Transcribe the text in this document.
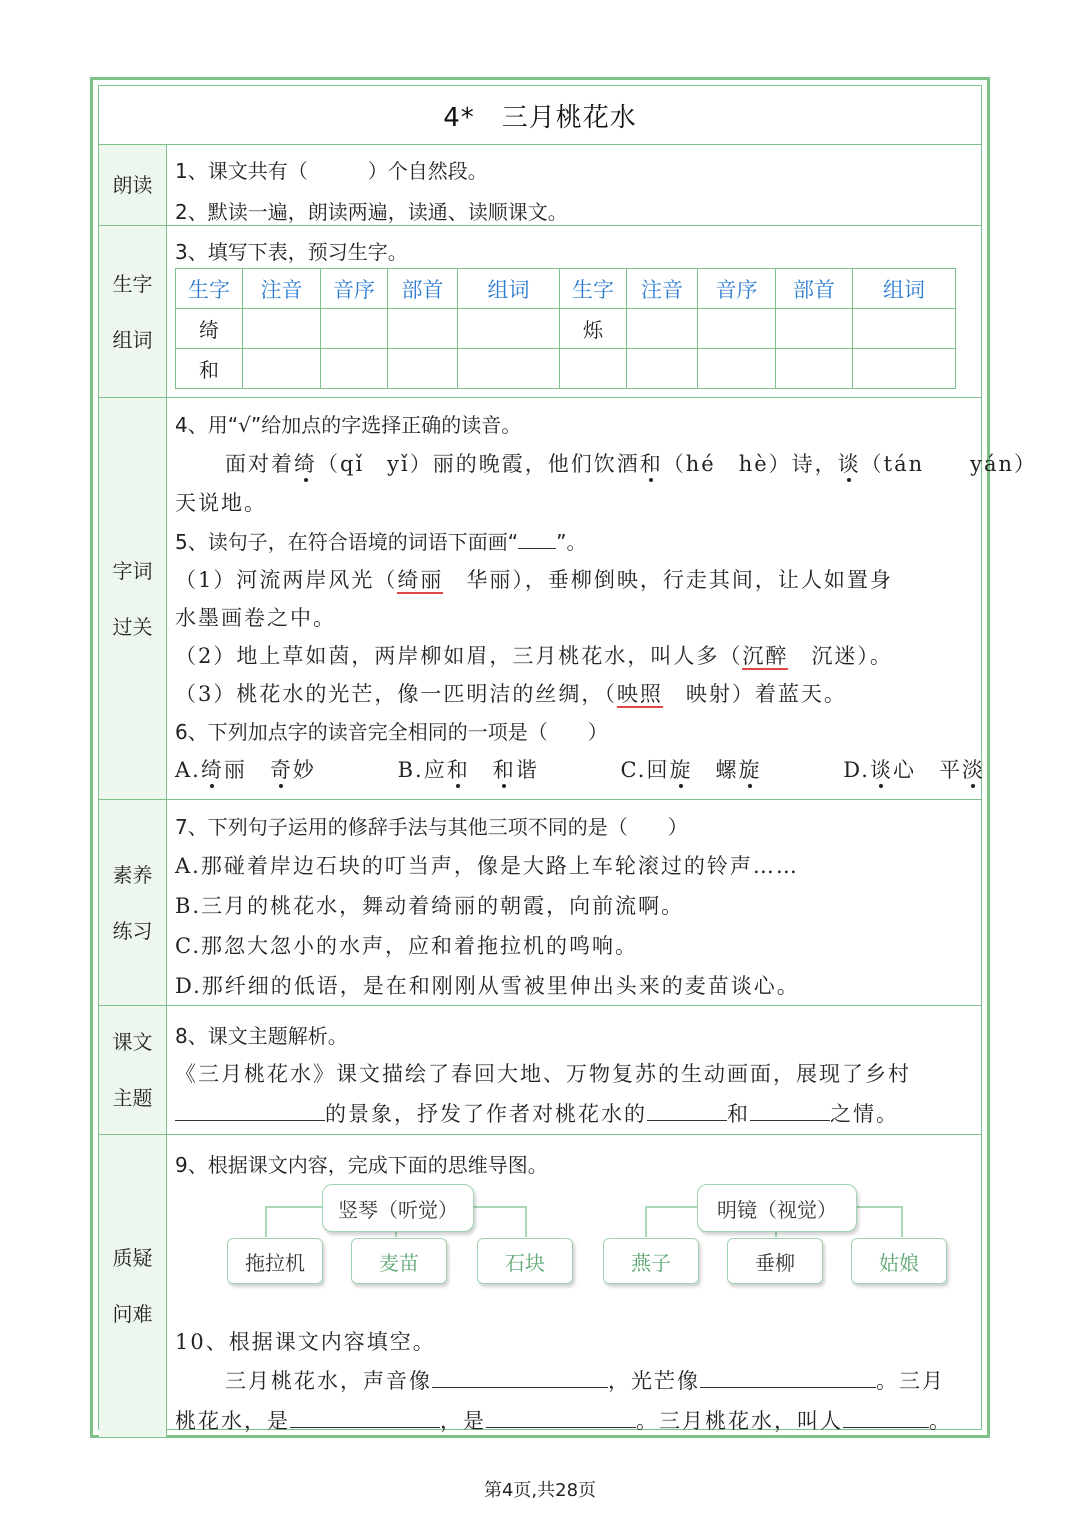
4*　三月桃花水
朗读
1、课文共有（　　　）个自然段。
2、默读一遍，朗读两遍，读通、读顺课文。
生字
组词
3、填写下表，预习生字。
生字	注音	音序	部首	组词	生字	注音	音序	部首	组词
绮					烁				
和									
字词
过关
4、用“√”给加点的字选择正确的读音。
面对着绮（qǐ　yǐ）丽的晚霞，他们饮酒和（hé　hè）诗，谈（tán　　yán）
天说地。
5、读句子，在符合语境的词语下面画“ ”。
（1）河流两岸风光（绮丽　华丽），垂柳倒映，行走其间，让人如置身
水墨画卷之中。
（2）地上草如茵，两岸柳如眉，三月桃花水，叫人多（沉醉　沉迷）。
（3）桃花水的光芒，像一匹明洁的丝绸，（映照　映射）着蓝天。
6、下列加点字的读音完全相同的一项是（　　）
A.绮丽　 奇妙	B.应和　 和谐	C.回旋　 螺旋	D.谈心　 平淡
素养
练习
7、下列句子运用的修辞手法与其他三项不同的是（　　）
A.那碰着岸边石块的叮当声，像是大路上车轮滚过的铃声……
B.三月的桃花水，舞动着绮丽的朝霞，向前流啊。
C.那忽大忽小的水声，应和着拖拉机的鸣响。
D.那纤细的低语，是在和刚刚从雪被里伸出头来的麦苗谈心。
课文
主题
8、课文主题解析。
《三月桃花水》课文描绘了春回大地、万物复苏的生动画面，展现了乡村
的景象，抒发了作者对桃花水的	和	之情。
质疑
问难
9、根据课文内容，完成下面的思维导图。
竖琴（听觉）	明镜（视觉）
拖拉机	麦苗	石块	燕子	垂柳	姑娘
10、根据课文内容填空。
三月桃花水，声音像	，光芒像	。三月
桃花水，是	，是	。三月桃花水，叫人	。
第4页,共28页
